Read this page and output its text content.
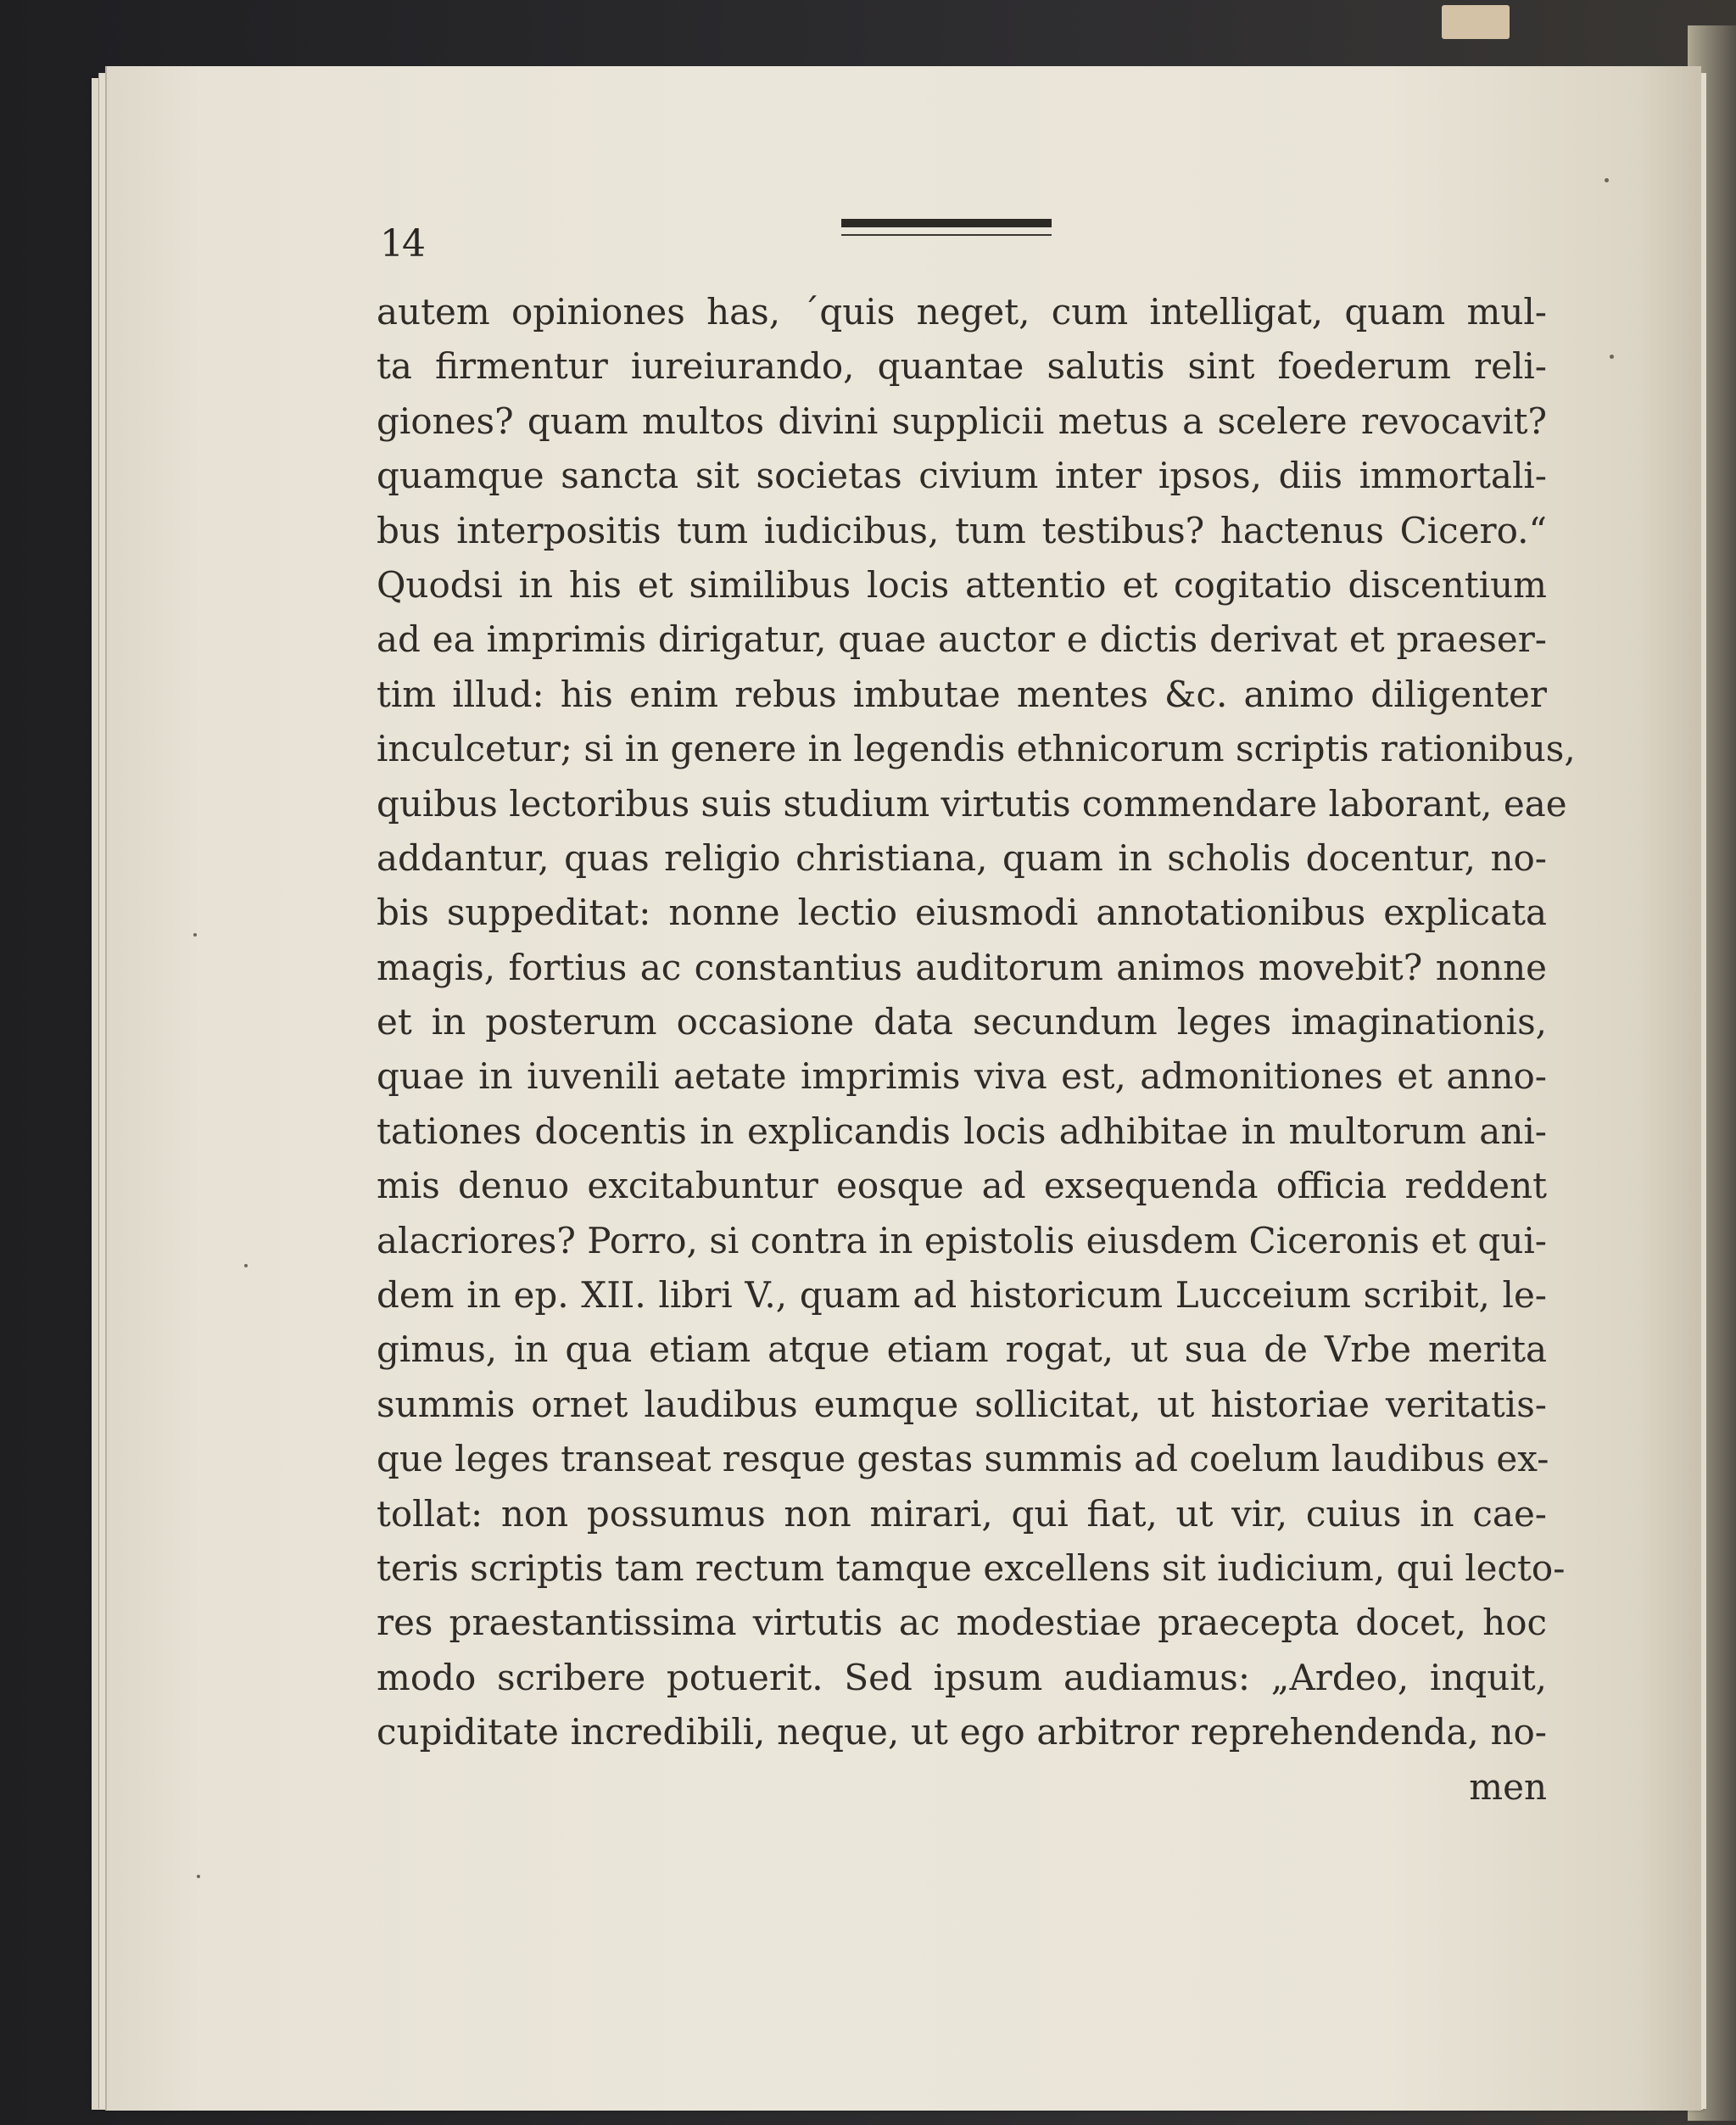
14
autem opiniones has, ´quis neget, cum intelligat, quam mul-
ta firmentur iureiurando, quantae salutis sint foederum reli-
giones? quam multos divini supplicii metus a scelere revocavit?
quamque sancta sit societas civium inter ipsos, diis immortali-
bus interpositis tum iudicibus, tum testibus? hactenus Cicero.“
Quodsi in his et similibus locis attentio et cogitatio discentium
ad ea imprimis dirigatur, quae auctor e dictis derivat et praeser-
tim illud: his enim rebus imbutae mentes &c. animo diligenter
inculcetur; si in genere in legendis ethnicorum scriptis rationibus,
quibus lectoribus suis studium virtutis commendare laborant, eae
addantur, quas religio christiana, quam in scholis docentur, no-
bis suppeditat: nonne lectio eiusmodi annotationibus explicata
magis, fortius ac constantius auditorum animos movebit? nonne
et in posterum occasione data secundum leges imaginationis,
quae in iuvenili aetate imprimis viva est, admonitiones et anno-
tationes docentis in explicandis locis adhibitae in multorum ani-
mis denuo excitabuntur eosque ad exsequenda officia reddent
alacriores? Porro, si contra in epistolis eiusdem Ciceronis et qui-
dem in ep. XII. libri V., quam ad historicum Lucceium scribit, le-
gimus, in qua etiam atque etiam rogat, ut sua de Vrbe merita
summis ornet laudibus eumque sollicitat, ut historiae veritatis-
que leges transeat resque gestas summis ad coelum laudibus ex-
tollat: non possumus non mirari, qui fiat, ut vir, cuius in cae-
teris scriptis tam rectum tamque excellens sit iudicium, qui lecto-
res praestantissima virtutis ac modestiae praecepta docet, hoc
modo scribere potuerit. Sed ipsum audiamus: „Ardeo, inquit,
cupiditate incredibili, neque, ut ego arbitror reprehendenda, no-
men
